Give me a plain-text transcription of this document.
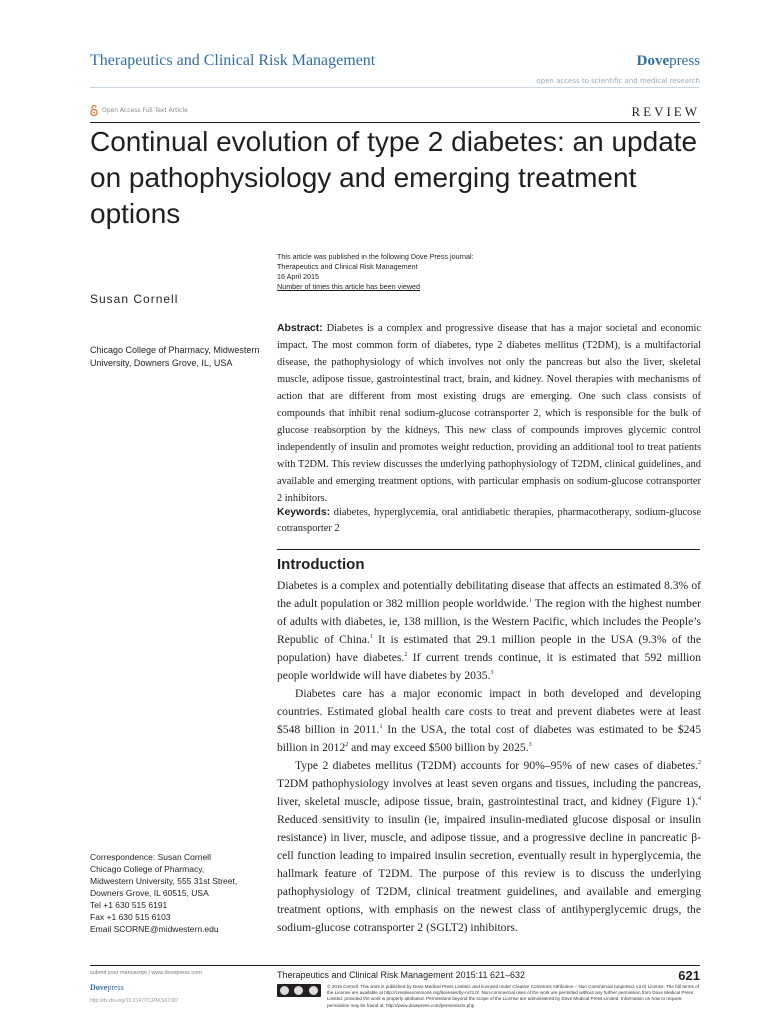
Therapeutics and Clinical Risk Management	Dovepress
open access to scientific and medical research
Open Access Full Text Article	REVIEW
Continual evolution of type 2 diabetes: an update on pathophysiology and emerging treatment options
This article was published in the following Dove Press journal:
Therapeutics and Clinical Risk Management
16 April 2015
Number of times this article has been viewed
Susan Cornell
Chicago College of Pharmacy, Midwestern University, Downers Grove, IL, USA
Correspondence: Susan Cornell
Chicago College of Pharmacy,
Midwestern University, 555 31st Street,
Downers Grove, IL 60515, USA
Tel +1 630 515 6191
Fax +1 630 515 6103
Email SCORNE@midwestern.edu
Abstract: Diabetes is a complex and progressive disease that has a major societal and economic impact. The most common form of diabetes, type 2 diabetes mellitus (T2DM), is a multifactorial disease, the pathophysiology of which involves not only the pancreas but also the liver, skeletal muscle, adipose tissue, gastrointestinal tract, brain, and kidney. Novel therapies with mechanisms of action that are different from most existing drugs are emerging. One such class consists of compounds that inhibit renal sodium-glucose cotransporter 2, which is responsible for the bulk of glucose reabsorption by the kidneys. This new class of compounds improves glycemic control independently of insulin and promotes weight reduction, providing an additional tool to treat patients with T2DM. This review discusses the underlying pathophysiology of T2DM, clinical guidelines, and available and emerging treatment options, with particular emphasis on sodium-glucose cotransporter 2 inhibitors.
Keywords: diabetes, hyperglycemia, oral antidiabetic therapies, pharmacotherapy, sodium-glucose cotransporter 2
Introduction

Diabetes is a complex and potentially debilitating disease that affects an estimated 8.3% of the adult population or 382 million people worldwide.$^1$ The region with the highest number of adults with diabetes, ie, 138 million, is the Western Pacific, which includes the People’s Republic of China.$^1$ It is estimated that 29.1 million people in the USA (9.3% of the population) have diabetes.$^2$ If current trends continue, it is estimated that 592 million people worldwide will have diabetes by 2035.$^3$

Diabetes care has a major economic impact in both developed and developing countries. Estimated global health care costs to treat and prevent diabetes were at least $548 billion in 2011.$^1$ In the USA, the total cost of diabetes was estimated to be $245 billion in 2012$^2$ and may exceed $500 billion by 2025.$^3$

Type 2 diabetes mellitus (T2DM) accounts for 90%–95% of new cases of diabetes.$^2$ T2DM pathophysiology involves at least seven organs and tissues, including the pancreas, liver, skeletal muscle, adipose tissue, brain, gastrointestinal tract, and kidney (Figure 1).$^4$ Reduced sensitivity to insulin (ie, impaired insulin-mediated glucose disposal or insulin resistance) in liver, muscle, and adipose tissue, and a progressive decline in pancreatic β-cell function leading to impaired insulin secretion, eventually result in hyperglycemia, the hallmark feature of T2DM. The purpose of this review is to discuss the underlying pathophysiology of T2DM, clinical treatment guidelines, and available and emerging treatment options, with emphasis on the newest class of antihyperglycemic drugs, the sodium-glucose cotransporter 2 (SGLT2) inhibitors.

submit your manuscript | www.dovepress.com
Dovepress
http://dx.doi.org/10.2147/TCRM.S67387
Therapeutics and Clinical Risk Management 2015:11 621–632	621
© 2015 Cornell. This work is published by Dove Medical Press Limited, and licensed under Creative Commons Attribution – Non Commercial (unported, v3.0) License. The full terms of the License are available at http://creativecommons.org/licenses/by-nc/3.0/. Non-commercial uses of the work are permitted without any further permission from Dove Medical Press Limited, provided the work is properly attributed. Permissions beyond the scope of the License are administered by Dove Medical Press Limited. Information on how to request permission may be found at: http://www.dovepress.com/permissions.php
